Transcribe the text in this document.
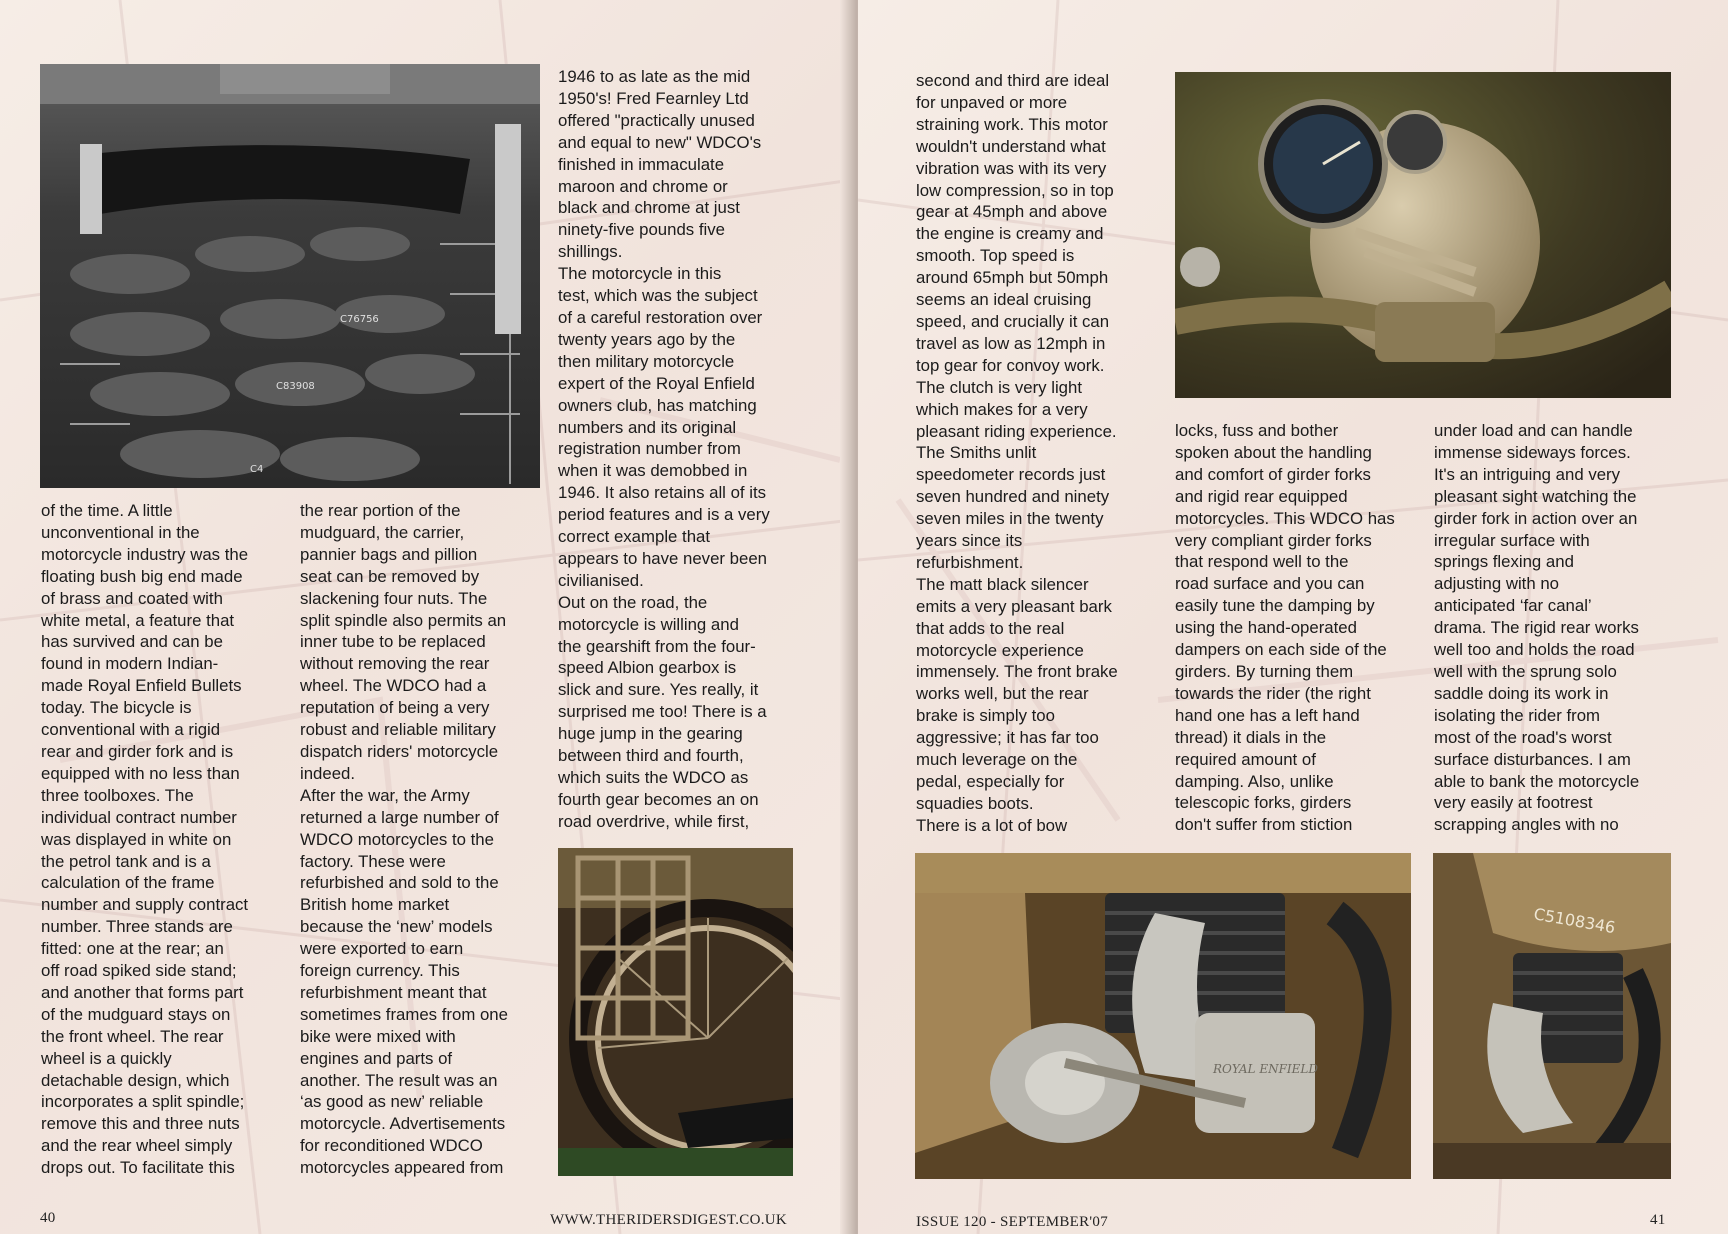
C76756
C83908
C4
of the time. A little
unconventional in the
motorcycle industry was the
floating bush big end made
of brass and coated with
white metal, a feature that
has survived and can be
found in modern Indian-
made Royal Enfield Bullets
today. The bicycle is
conventional with a rigid
rear and girder fork and is
equipped with no less than
three toolboxes. The
individual contract number
was displayed in white on
the petrol tank and is a
calculation of the frame
number and supply contract
number. Three stands are
fitted: one at the rear; an
off road spiked side stand;
and another that forms part
of the mudguard stays on
the front wheel. The rear
wheel is a quickly
detachable design, which
incorporates a split spindle;
remove this and three nuts
and the rear wheel simply
drops out. To facilitate this
the rear portion of the
mudguard, the carrier,
pannier bags and pillion
seat can be removed by
slackening four nuts. The
split spindle also permits an
inner tube to be replaced
without removing the rear
wheel. The WDCO had a
reputation of being a very
robust and reliable military
dispatch riders' motorcycle
indeed.
After the war, the Army
returned a large number of
WDCO motorcycles to the
factory. These were
refurbished and sold to the
British home market
because the ‘new’ models
were exported to earn
foreign currency. This
refurbishment meant that
sometimes frames from one
bike were mixed with
engines and parts of
another. The result was an
‘as good as new’ reliable
motorcycle. Advertisements
for reconditioned WDCO
motorcycles appeared from
1946 to as late as the mid
1950's! Fred Fearnley Ltd
offered "practically unused
and equal to new" WDCO's
finished in immaculate
maroon and chrome or
black and chrome at just
ninety-five pounds five
shillings.
The motorcycle in this
test, which was the subject
of a careful restoration over
twenty years ago by the
then military motorcycle
expert of the Royal Enfield
owners club, has matching
numbers and its original
registration number from
when it was demobbed in
1946. It also retains all of its
period features and is a very
correct example that
appears to have never been
civilianised.
Out on the road, the
motorcycle is willing and
the gearshift from the four-
speed Albion gearbox is
slick and sure. Yes really, it
surprised me too! There is a
huge jump in the gearing
between third and fourth,
which suits the WDCO as
fourth gear becomes an on
road overdrive, while first,
40	WWW.THERIDERSDIGEST.CO.UK
ROYAL ENFIELD
C5108346
second and third are ideal
for unpaved or more
straining work. This motor
wouldn't understand what
vibration was with its very
low compression, so in top
gear at 45mph and above
the engine is creamy and
smooth. Top speed is
around 65mph but 50mph
seems an ideal cruising
speed, and crucially it can
travel as low as 12mph in
top gear for convoy work.
The clutch is very light
which makes for a very
pleasant riding experience.
The Smiths unlit
speedometer records just
seven hundred and ninety
seven miles in the twenty
years since its
refurbishment.
The matt black silencer
emits a very pleasant bark
that adds to the real
motorcycle experience
immensely. The front brake
works well, but the rear
brake is simply too
aggressive; it has far too
much leverage on the
pedal, especially for
squadies boots.
There is a lot of bow
locks, fuss and bother
spoken about the handling
and comfort of girder forks
and rigid rear equipped
motorcycles. This WDCO has
very compliant girder forks
that respond well to the
road surface and you can
easily tune the damping by
using the hand-operated
dampers on each side of the
girders. By turning them
towards the rider (the right
hand one has a left hand
thread) it dials in the
required amount of
damping. Also, unlike
telescopic forks, girders
don't suffer from stiction
under load and can handle
immense sideways forces.
It's an intriguing and very
pleasant sight watching the
girder fork in action over an
irregular surface with
springs flexing and
adjusting with no
anticipated ‘far canal’
drama. The rigid rear works
well too and holds the road
well with the sprung solo
saddle doing its work in
isolating the rider from
most of the road's worst
surface disturbances. I am
able to bank the motorcycle
very easily at footrest
scrapping angles with no
ISSUE 120 - SEPTEMBER'07	41
